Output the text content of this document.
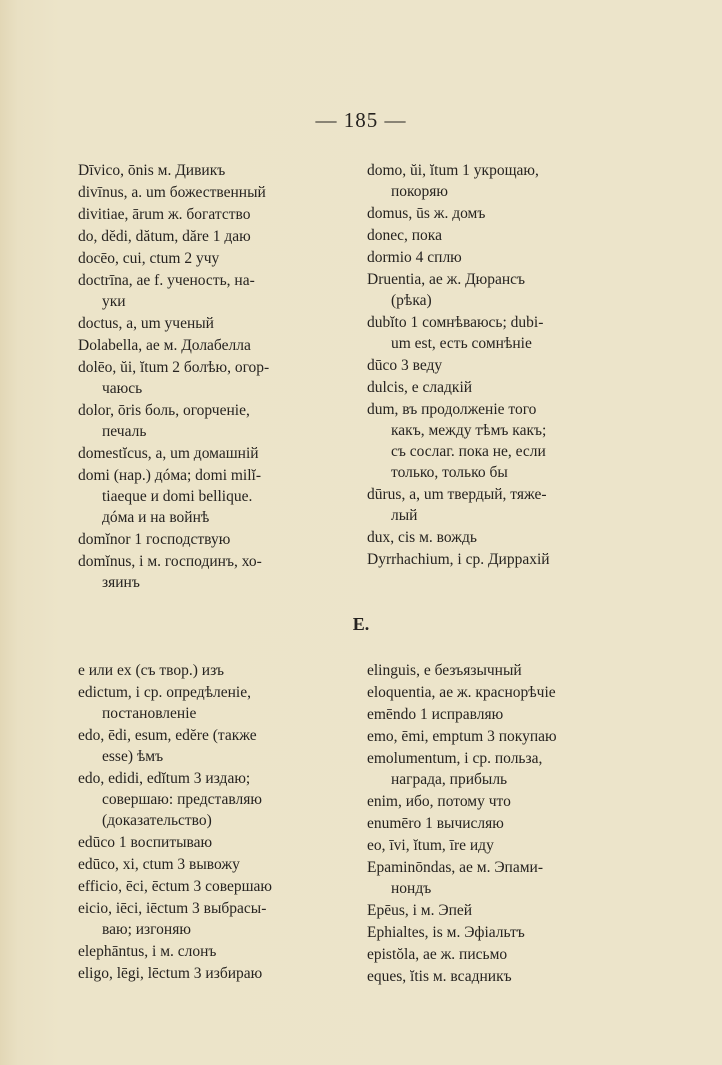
— 185 —
Dīvico, ōnis м. Дивикъ
divīnus, a. um божественный
divitiae, ārum ж. богатство
do, dĕdi, dătum, dăre 1 даю
docēo, cui, ctum 2 учу
doctrīna, ae f. ученость, на-
уки
doctus, a, um ученый
Dolabella, ae м. Долабелла
dolēo, ŭi, ĭtum 2 болѣю, огор-
чаюсь
dolor, ōris боль, огорченіе,
печаль
domestĭcus, a, um домашній
domi (нар.) дóма; domi milĭ-
tiaeque и domi belliquе.
дóма и на войнѣ
domĭnor 1 господствую
domĭnus, i м. господинъ, хо-
зяинъ
domo, ŭi, ĭtum 1 укрощаю,
покоряю
domus, ūs ж. домъ
donec, пока
dormio 4 сплю
Druentia, ae ж. Дюрансъ
(рѣка)
dubĭto 1 сомнѣваюсь; dubi-
um est, есть сомнѣніе
dūco 3 веду
dulcis, e сладкій
dum, въ продолженіе того
какъ, между тѣмъ какъ;
съ сослаг. пока не, если
только, только бы
dūrus, a, um твердый, тяже-
лый
dux, cis м. вождь
Dyrrhachium, i ср. Диррахій
E.
e или ex (съ твор.) изъ
edictum, i ср. опредѣленіе,
постановленіе
edo, ēdi, esum, edĕre (также
esse) ѣмъ
edo, edidi, edĭtum 3 издаю;
совершаю: представляю
(доказательство)
edūco 1 воспитываю
edūco, xi, ctum 3 вывожу
efficio, ēci, ēctum 3 совершаю
eicio, iēci, iēctum 3 выбрасы-
ваю; изгоняю
elephāntus, i м. слонъ
eligo, lēgi, lēctum 3 избираю
elinguis, e безъязычный
eloquentia, ae ж. краснорѣчіе
emēndo 1 исправляю
emo, ēmi, emptum 3 покупаю
emolumentum, i ср. польза,
награда, прибыль
enim, ибо, потому что
enumēro 1 вычисляю
eo, īvi, ĭtum, īre иду
Epaminōndas, ae м. Эпами-
нондъ
Epēus, i м. Эпей
Ephialtes, is м. Эфіальтъ
epistŏla, ae ж. письмо
eques, ĭtis м. всадникъ
